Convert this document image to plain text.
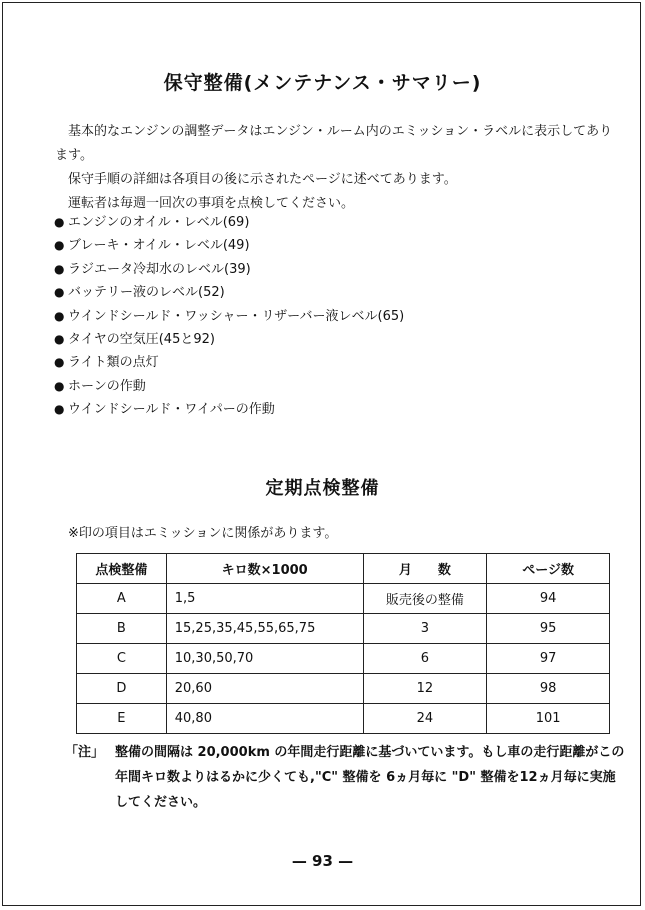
保守整備(メンテナンス・サマリー)

基本的なエンジンの調整データはエンジン・ルーム内のエミッション・ラベルに表示してあります。

保守手順の詳細は各項目の後に示されたページに述べてあります。

運転者は毎週一回次の事項を点検してください。

● エンジンのオイル・レベル(69)
● ブレーキ・オイル・レベル(49)
● ラジエータ冷却水のレベル(39)
● バッテリー液のレベル(52)
● ウインドシールド・ワッシャー・リザーバー液レベル(65)
● タイヤの空気圧(45と92)
● ライト類の点灯
● ホーンの作動
● ウインドシールド・ワイパーの作動
定期点検整備
※印の項目はエミッションに関係があります。
点検整備	キロ数×1000	月　　数	ページ数
A	1,5	販売後の整備	94
B	15,25,35,45,55,65,75	3	95
C	10,30,50,70	6	97
D	20,60	12	98
E	40,80	24	101
「注」 整備の間隔は 20,000km の年間走行距離に基づいています。もし車の走行距離がこの年間キロ数よりはるかに少くても,"C" 整備を 6ヵ月毎に "D" 整備を12ヵ月毎に実施してください。
— 93 —
